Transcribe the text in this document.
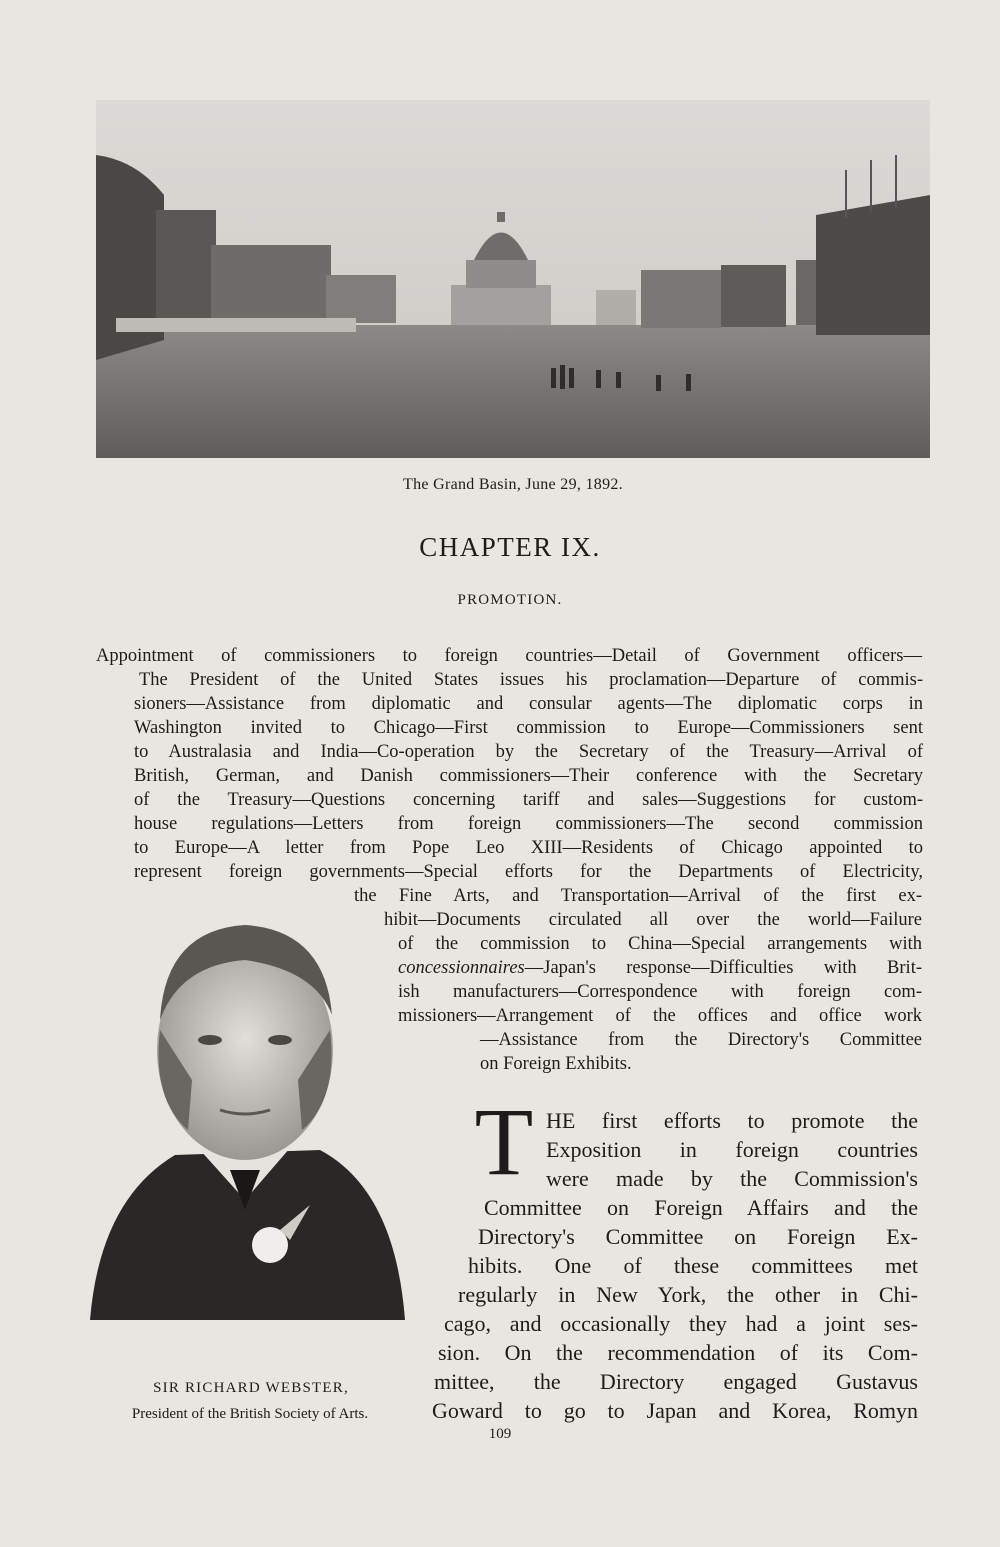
The Grand Basin, June 29, 1892.
CHAPTER IX.
PROMOTION.
Appointment of commissioners to foreign countries—Detail of Government officers—
The President of the United States issues his proclamation—Departure of commis-
sioners—Assistance from diplomatic and consular agents—The diplomatic corps in
Washington invited to Chicago—First commission to Europe—Commissioners sent
to Australasia and India—Co-operation by the Secretary of the Treasury—Arrival of
British, German, and Danish commissioners—Their conference with the Secretary
of the Treasury—Questions concerning tariff and sales—Suggestions for custom-
house regulations—Letters from foreign commissioners—The second commission
to Europe—A letter from Pope Leo XIII—Residents of Chicago appointed to
represent foreign governments—Special efforts for the Departments of Electricity,
the Fine Arts, and Transportation—Arrival of the first ex-
hibit—Documents circulated all over the world—Failure
of the commission to China—Special arrangements with
concessionnaires—Japan's response—Difficulties with Brit-
ish manufacturers—Correspondence with foreign com-
missioners—Arrangement of the offices and office work
—Assistance from the Directory's Committee
on Foreign Exhibits.
SIR RICHARD WEBSTER,
President of the British Society of Arts.
T HE first efforts to promote the
Exposition in foreign countries
were made by the Commission's
Committee on Foreign Affairs and the
Directory's Committee on Foreign Ex-
hibits. One of these committees met
regularly in New York, the other in Chi-
cago, and occasionally they had a joint ses-
sion. On the recommendation of its Com-
mittee, the Directory engaged Gustavus
Goward to go to Japan and Korea, Romyn
109
